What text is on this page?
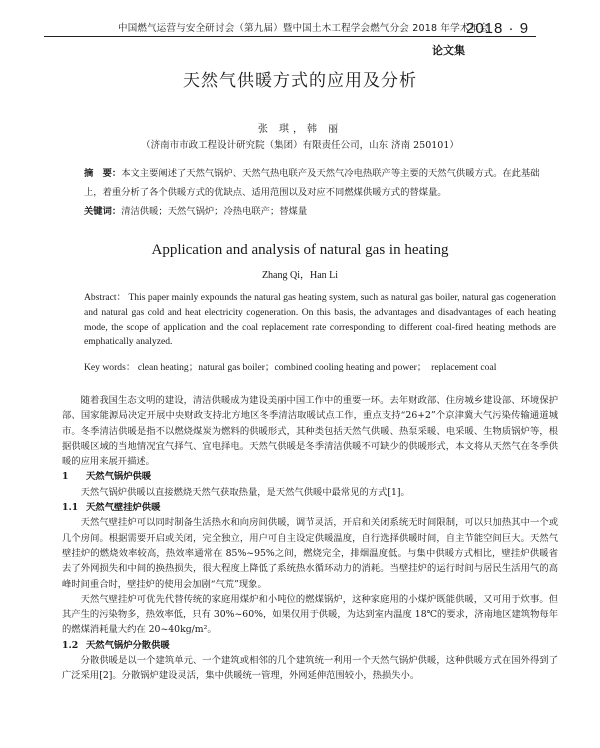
中国燃气运营与安全研讨会（第九届）暨中国土木工程学会燃气分会 2018 年学术年会
2018 · 9
论文集
天然气供暖方式的应用及分析
张 琪，韩 丽
（济南市市政工程设计研究院（集团）有限责任公司，山东 济南 250101）
摘　要：本文主要阐述了天然气锅炉、天然气热电联产及天然气冷电热联产等主要的天然气供暖方式。在此基础上，着重分析了各个供暖方式的优缺点、适用范围以及对应不同燃煤供暖方式的替煤量。
关键词：清洁供暖；天然气锅炉；冷热电联产；替煤量
Application and analysis of natural gas in heating
Zhang Qi，Han Li
Abstract： This paper mainly expounds the natural gas heating system, such as natural gas boiler, natural gas cogeneration and natural gas cold and heat electricity cogeneration. On this basis, the advantages and disadvantages of each heating mode, the scope of application and the coal replacement rate corresponding to different coal-fired heating methods are emphatically analyzed.
Key words： clean heating；natural gas boiler；combined cooling heating and power；　replacement coal

随着我国生态文明的建设，清洁供暖成为建设美丽中国工作中的重要一环。去年财政部、住房城乡建设部、环境保护部、国家能源局决定开展中央财政支持北方地区冬季清洁取暖试点工作，重点支持“26+2”个京津冀大气污染传输通道城市。冬季清洁供暖是指不以燃烧煤炭为燃料的供暖形式，其种类包括天然气供暖、热泵采暖、电采暖、生物质锅炉等，根据供暖区域的当地情况宜气择气、宜电择电。天然气供暖是冬季清洁供暖不可缺少的供暖形式，本文将从天然气在冬季供暖的应用来展开描述。

1 天然气锅炉供暖

天然气锅炉供暖以直接燃烧天然气获取热量，是天然气供暖中最常见的方式[1]。

1.1 天然气壁挂炉供暖

天然气壁挂炉可以同时制备生活热水和向房间供暖，调节灵活，开启和关闭系统无时间限制，可以只加热其中一个或几个房间。根据需要开启或关闭，完全独立，用户可自主设定供暖温度，自行选择供暖时间，自主节能空间巨大。天然气壁挂炉的燃烧效率较高，热效率通常在 85%~95%之间，燃烧完全，排烟温度低。与集中供暖方式相比，壁挂炉供暖省去了外网损失和中间的换热损失，很大程度上降低了系统热水循环动力的消耗。当壁挂炉的运行时间与居民生活用气的高峰时间重合时，壁挂炉的使用会加剧“气荒”现象。

天然气壁挂炉可优先代替传统的家庭用煤炉和小吨位的燃煤锅炉，这种家庭用的小煤炉既能供暖，又可用于炊事。但其产生的污染物多，热效率低，只有 30%~60%，如果仅用于供暖，为达到室内温度 18℃的要求，济南地区建筑物每年的燃煤消耗量大约在 20~40kg/m²。

1.2 天然气锅炉分散供暖

分散供暖是以一个建筑单元、一个建筑或相邻的几个建筑统一利用一个天然气锅炉供暖，这种供暖方式在国外得到了广泛采用[2]。分散锅炉建设灵活，集中供暖统一管理，外网延伸范围较小，热损失小。
